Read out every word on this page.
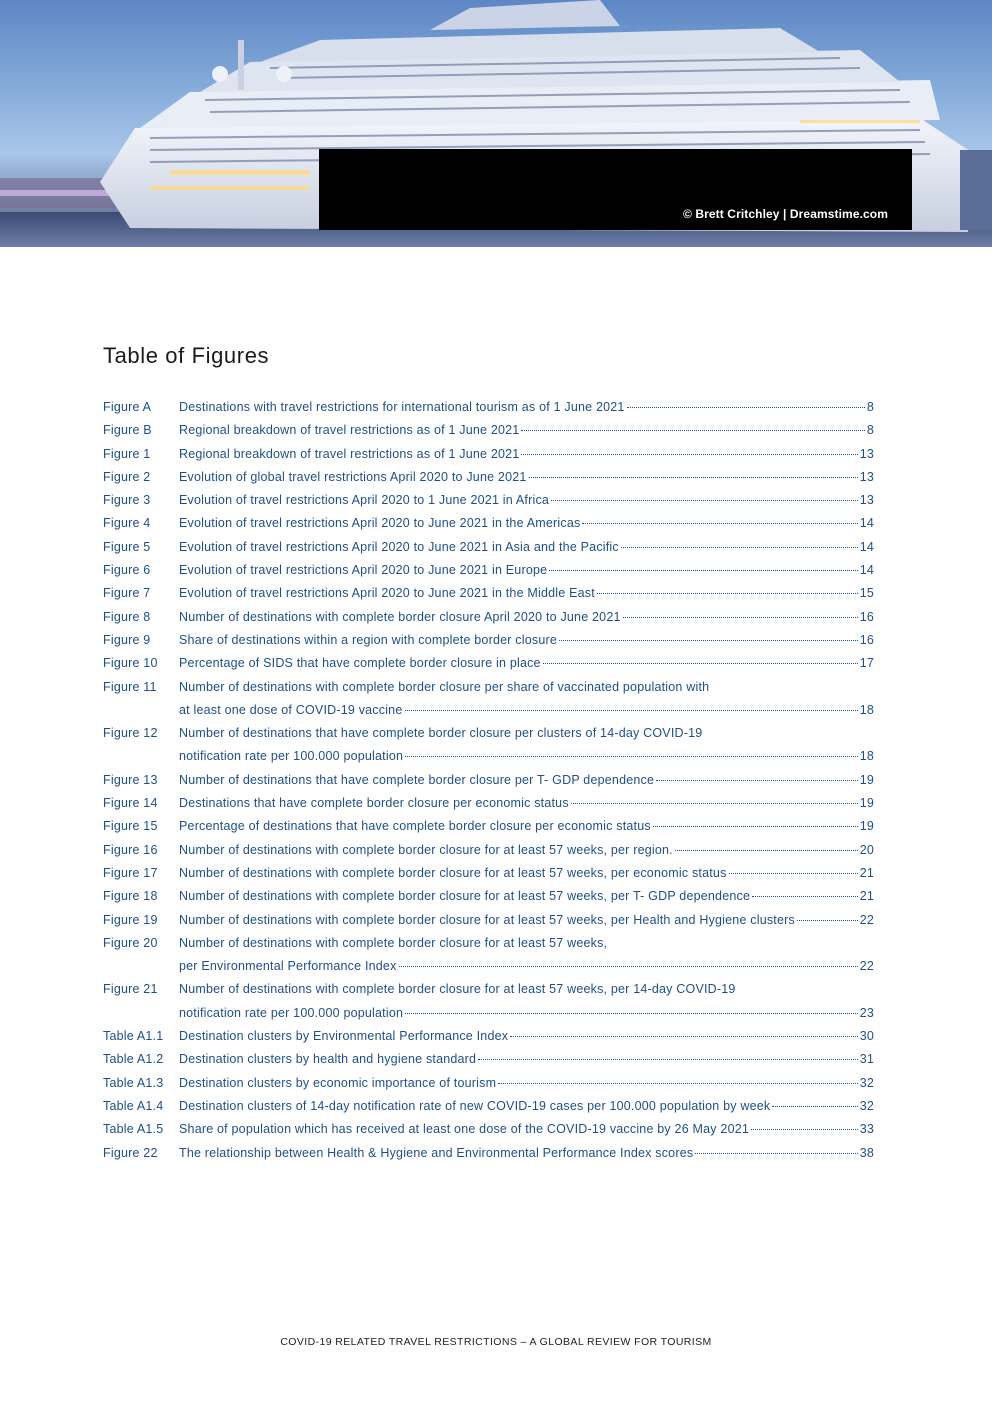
© Brett Critchley | Dreamstime.com
Table of Figures
Figure A	Destinations with travel restrictions for international tourism as of 1 June 2021	8
Figure B	Regional breakdown of travel restrictions as of 1 June 2021	8
Figure 1	Regional breakdown of travel restrictions as of 1 June 2021	13
Figure 2	Evolution of global travel restrictions April 2020 to June 2021	13
Figure 3	Evolution of travel restrictions April 2020 to 1 June 2021 in Africa	13
Figure 4	Evolution of travel restrictions April 2020 to June 2021 in the Americas	14
Figure 5	Evolution of travel restrictions April 2020 to June 2021 in Asia and the Pacific	14
Figure 6	Evolution of travel restrictions April 2020 to June 2021 in Europe	14
Figure 7	Evolution of travel restrictions April 2020 to June 2021 in the Middle East	15
Figure 8	Number of destinations with complete border closure April 2020 to June 2021	16
Figure 9	Share of destinations within a region with complete border closure	16
Figure 10	Percentage of SIDS that have complete border closure in place	17
Figure 11	Number of destinations with complete border closure per share of vaccinated population with
at least one dose of COVID-19 vaccine	18
Figure 12	Number of destinations that have complete border closure per clusters of 14-day COVID-19
notification rate per 100.000 population	18
Figure 13	Number of destinations that have complete border closure per T- GDP dependence	19
Figure 14	Destinations that have complete border closure per economic status	19
Figure 15	Percentage of destinations that have complete border closure per economic status	19
Figure 16	Number of destinations with complete border closure for at least 57 weeks, per region.	20
Figure 17	Number of destinations with complete border closure for at least 57 weeks, per economic status	21
Figure 18	Number of destinations with complete border closure for at least 57 weeks, per T- GDP dependence	21
Figure 19	Number of destinations with complete border closure for at least 57 weeks, per Health and Hygiene clusters	22
Figure 20	Number of destinations with complete border closure for at least 57 weeks,
per Environmental Performance Index	22
Figure 21	Number of destinations with complete border closure for at least 57 weeks, per 14-day COVID-19
notification rate per 100.000 population	23
Table A1.1	Destination clusters by Environmental Performance Index	30
Table A1.2	Destination clusters by health and hygiene standard	31
Table A1.3	Destination clusters by economic importance of tourism	32
Table A1.4	Destination clusters of 14-day notification rate of new COVID-19 cases per 100.000 population by week	32
Table A1.5	Share of population which has received at least one dose of the COVID-19 vaccine by 26 May 2021	33
Figure 22	The relationship between Health & Hygiene and Environmental Performance Index scores	38
COVID-19 RELATED TRAVEL RESTRICTIONS – A GLOBAL REVIEW FOR TOURISM
